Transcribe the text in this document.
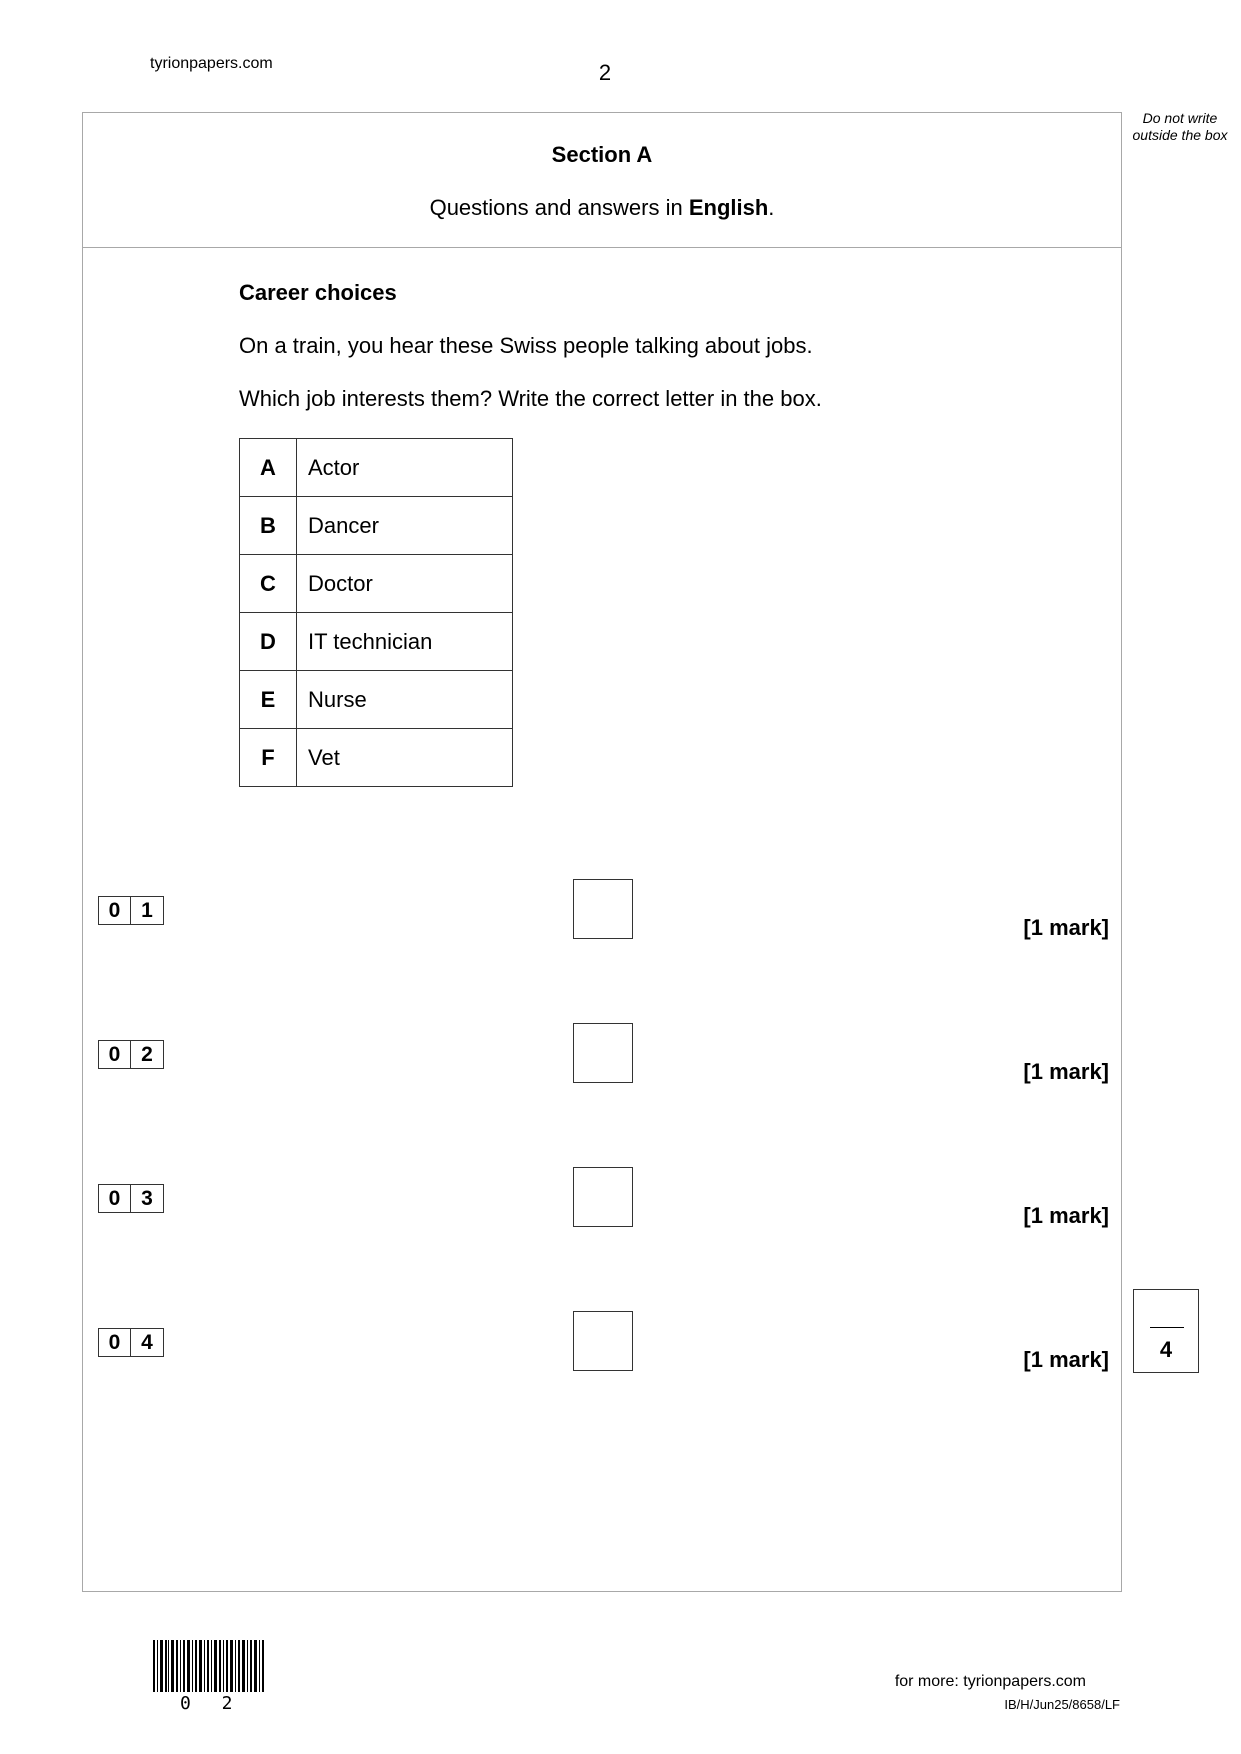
tyrionpapers.com	2
Do not write outside the box
Section A
Questions and answers in English.
Career choices
On a train, you hear these Swiss people talking about jobs.
Which job interests them? Write the correct letter in the box.
A	Actor
B	Dancer
C	Doctor
D	IT technician
E	Nurse
F	Vet
0 1
[1 mark]
0 2
[1 mark]
0 3
[1 mark]
0 4
[1 mark]	4
0 2
for more: tyrionpapers.com
IB/H/Jun25/8658/LF
